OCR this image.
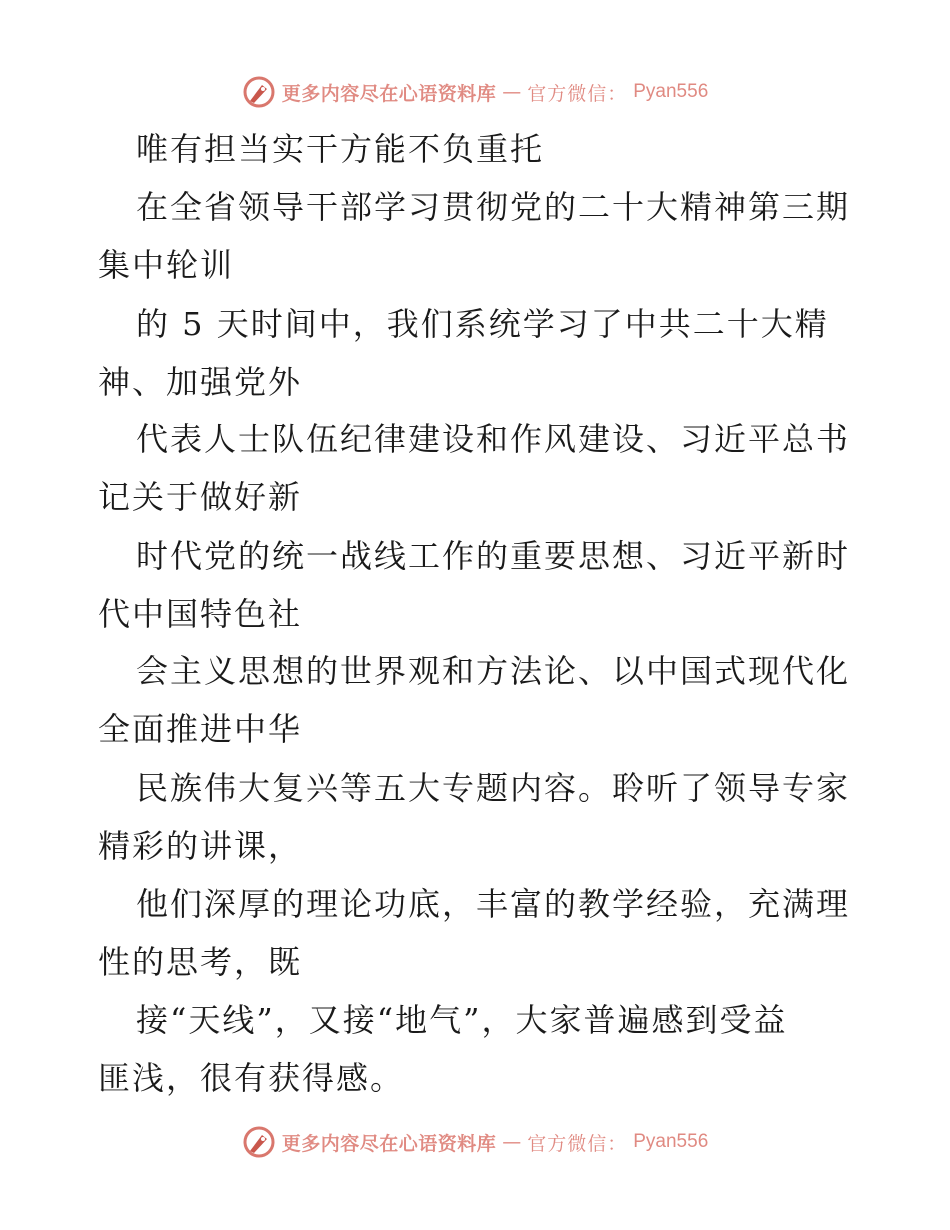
更多内容尽在心语资料库 — 官方微信： Pyan556
唯有担当实干方能不负重托
在全省领导干部学习贯彻党的二十大精神第三期
集中轮训
的 5 天时间中，我们系统学习了中共二十大精
神、加强党外
代表人士队伍纪律建设和作风建设、习近平总书
记关于做好新
时代党的统一战线工作的重要思想、习近平新时
代中国特色社
会主义思想的世界观和方法论、以中国式现代化
全面推进中华
民族伟大复兴等五大专题内容。聆听了领导专家
精彩的讲课，
他们深厚的理论功底，丰富的教学经验，充满理
性的思考，既
接“天线”，又接“地气”，大家普遍感到受益
匪浅，很有获得感。
更多内容尽在心语资料库 — 官方微信： Pyan556
